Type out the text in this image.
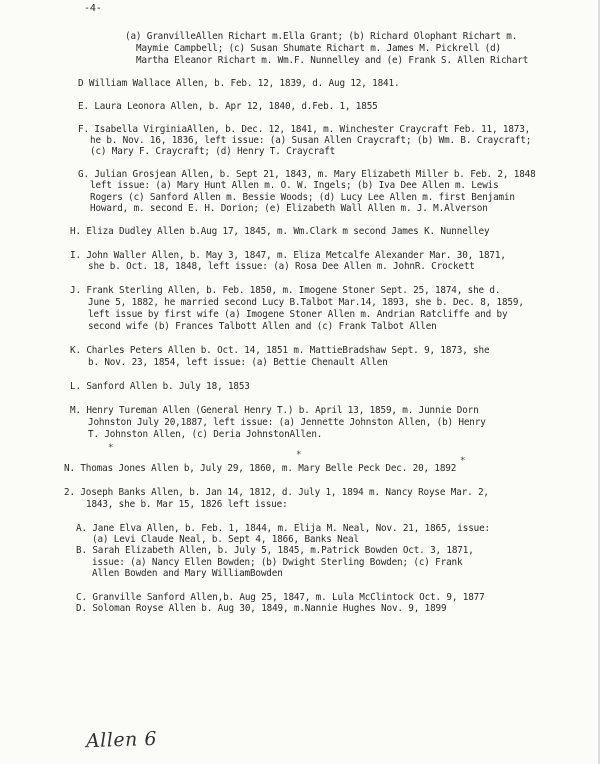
-4-
(a) GranvilleAllen Richart m.Ella Grant; (b) Richard Olophant Richart m.
Maymie Campbell; (c) Susan Shumate Richart m. James M. Pickrell (d)
Martha Eleanor Richart m. Wm.F. Nunnelley and (e) Frank S. Allen Richart
D William Wallace Allen, b. Feb. 12, 1839, d. Aug 12, 1841.
E. Laura Leonora Allen, b. Apr 12, 1840, d.Feb. 1, 1855
F. Isabella VirginiaAllen, b. Dec. 12, 1841, m. Winchester Craycraft Feb. 11, 1873,
he b. Nov. 16, 1836, left issue: (a) Susan Allen Craycraft; (b) Wm. B. Craycraft;
(c) Mary F. Craycraft; (d) Henry T. Craycraft
G. Julian Grosjean Allen, b. Sept 21, 1843, m. Mary Elizabeth Miller b. Feb. 2, 1848
left issue: (a) Mary Hunt Allen m. O. W. Ingels; (b) Iva Dee Allen m. Lewis
Rogers (c) Sanford Allen m. Bessie Woods; (d) Lucy Lee Allen m. first Benjamin
Howard, m. second E. H. Dorion; (e) Elizabeth Wall Allen m. J. M.Alverson
H. Eliza Dudley Allen b.Aug 17, 1845, m. Wm.Clark m second James K. Nunnelley
I. John Waller Allen, b. May 3, 1847, m. Eliza Metcalfe Alexander Mar. 30, 1871,
she b. Oct. 18, 1848, left issue: (a) Rosa Dee Allen m. JohnR. Crockett
J. Frank Sterling Allen, b. Feb. 1850, m. Imogene Stoner Sept. 25, 1874, she d.
June 5, 1882, he married second Lucy B.Talbot Mar.14, 1893, she b. Dec. 8, 1859,
left issue by first wife (a) Imogene Stoner Allen m. Andrian Ratcliffe and by
second wife (b) Frances Talbott Allen and (c) Frank Talbot Allen
K. Charles Peters Allen b. Oct. 14, 1851 m. MattieBradshaw Sept. 9, 1873, she
b. Nov. 23, 1854, left issue: (a) Bettie Chenault Allen
L. Sanford Allen b. July 18, 1853
M. Henry Tureman Allen (General Henry T.) b. April 13, 1859, m. Junnie Dorn
Johnston July 20,1887, left issue: (a) Jennette Johnston Allen, (b) Henry
T. Johnston Allen, (c) Deria JohnstonAllen.
*
*
*
N. Thomas Jones Allen b, July 29, 1860, m. Mary Belle Peck Dec. 20, 1892
2. Joseph Banks Allen, b. Jan 14, 1812, d. July 1, 1894 m. Nancy Royse Mar. 2,
1843, she b. Mar 15, 1826 left issue:
A. Jane Elva Allen, b. Feb. 1, 1844, m. Elija M. Neal, Nov. 21, 1865, issue:
(a) Levi Claude Neal, b. Sept 4, 1866, Banks Neal
B. Sarah Elizabeth Allen, b. July 5, 1845, m.Patrick Bowden Oct. 3, 1871,
issue: (a) Nancy Ellen Bowden; (b) Dwight Sterling Bowden; (c) Frank
Allen Bowden and Mary WilliamBowden
C. Granville Sanford Allen,b. Aug 25, 1847, m. Lula McClintock Oct. 9, 1877
D. Soloman Royse Allen b. Aug 30, 1849, m.Nannie Hughes Nov. 9, 1899
Allen 6
